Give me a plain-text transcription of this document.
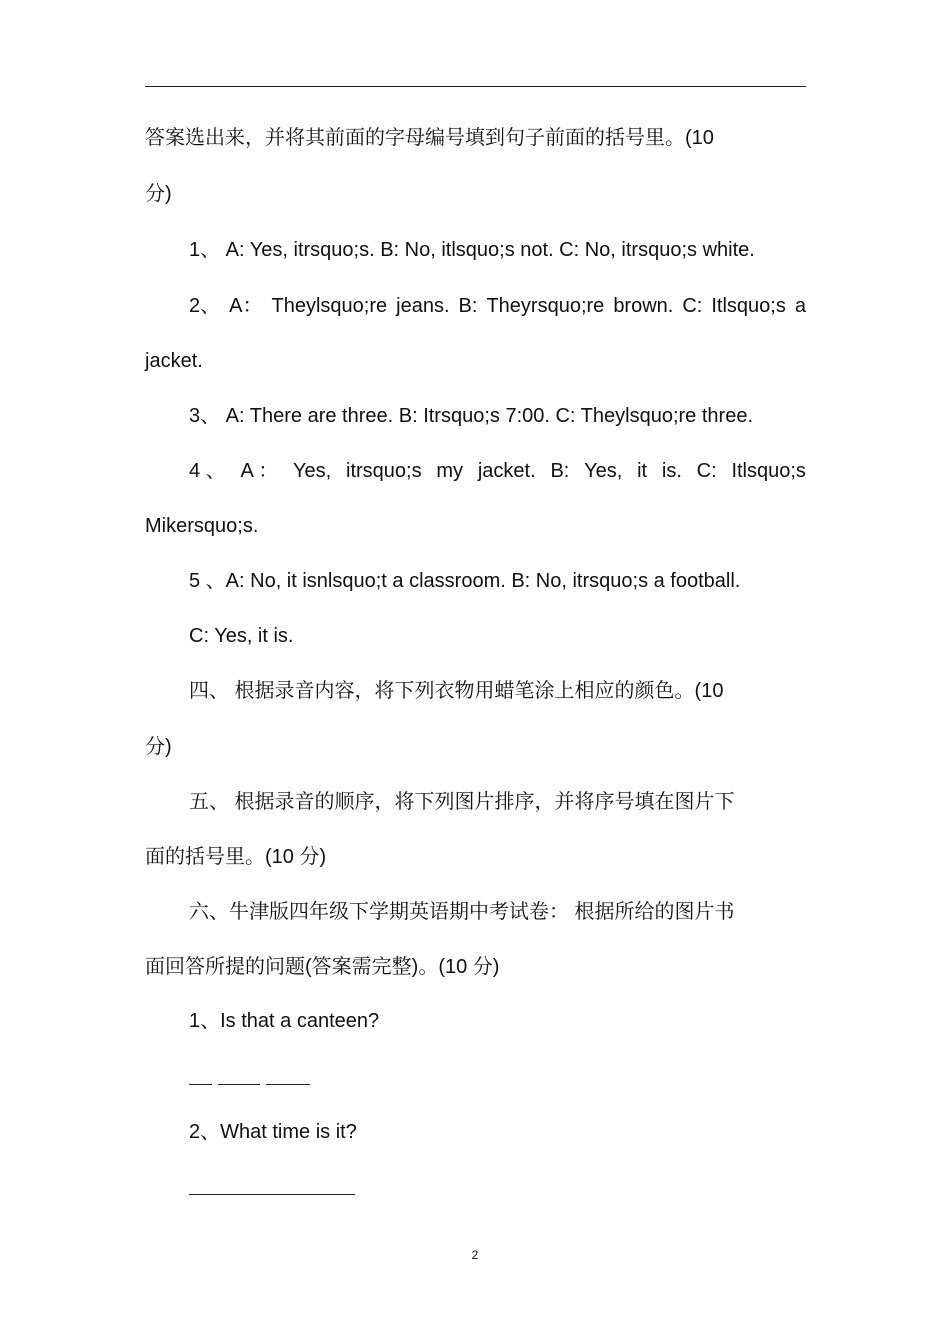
答案选出来，并将其前面的字母编号填到句子前面的括号里。(10
分)
1、 A: Yes, itrsquo;s. B: No, itlsquo;s not. C: No, itrsquo;s white.
2、 A： Theylsquo;re jeans. B: Theyrsquo;re brown. C: Itlsquo;s a
jacket.
3、 A: There are three. B: Itrsquo;s 7:00. C: Theylsquo;re three.
4 、 A ： Yes, itrsquo;s my jacket. B: Yes, it is. C: Itlsquo;s
Mikersquo;s.
5 、A: No, it isnlsquo;t a classroom. B: No, itrsquo;s a football.
C: Yes, it is.
四、 根据录音内容，将下列衣物用蜡笔涂上相应的颜色。(10
分)
五、 根据录音的顺序，将下列图片排序，并将序号填在图片下
面的括号里。(10 分)
六、牛津版四年级下学期英语期中考试卷： 根据所给的图片书
面回答所提的问题(答案需完整)。(10 分)
1、Is that a canteen?
2、What time is it?
2
